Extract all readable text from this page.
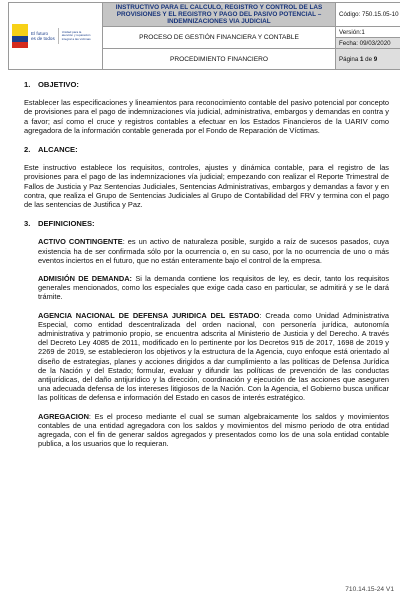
El futuro
es de todos
Unidad para la atención y reparación integral a las víctimas	INSTRUCTIVO PARA EL CALCULO, REGISTRO Y CONTROL DE LAS PROVISIONES Y EL REGISTRO Y PAGO DEL PASIVO POTENCIAL – INDEMNIZACIONES VIA JUDICIAL	Código: 750.15.05-10
	PROCESO DE GESTIÓN FINANCIERA Y CONTABLE	Versión:1
		Fecha: 09/03/2020
	PROCEDIMIENTO FINANCIERO	Página 1 de 9
1. OBJETIVO:

Establecer las especificaciones y lineamientos para reconocimiento contable del pasivo potencial por concepto de provisiones para el pago de indemnizaciones vía judicial, administrativa, embargos y demandas en contra y a favor; así como el cruce y registros contables a efectuar en los Estados Financieros de la UARIV como agregadora de la información contable generada por el Fondo de Reparación de Víctimas.

2. ALCANCE:

Este instructivo establece los requisitos, controles, ajustes y dinámica contable, para el registro de las provisiones para el pago de las indemnizaciones vía judicial; empezando con realizar el Reporte Trimestral de Fallos de Justicia y Paz Sentencias Judiciales, Sentencias Administrativas, embargos y demandas a favor y en contra, que realiza el Grupo de Sentencias Judiciales al Grupo de Contabilidad del FRV y termina con el pago de las sentencias de Justifica y Paz.

3. DEFINICIONES:
ACTIVO CONTINGENTE: es un activo de naturaleza posible, surgido a raíz de sucesos pasados, cuya existencia ha de ser confirmada sólo por la ocurrencia o, en su caso, por la no ocurrencia de uno o más eventos inciertos en el futuro, que no están enteramente bajo el control de la empresa.
ADMISIÓN DE DEMANDA: Si la demanda contiene los requisitos de ley, es decir, tanto los requisitos generales mencionados, como los especiales que exige cada caso en particular, se admitirá y se le dará trámite.
AGENCIA NACIONAL DE DEFENSA JURIDICA DEL ESTADO: Creada como Unidad Administrativa Especial, como entidad descentralizada del orden nacional, con personería jurídica, autonomía administrativa y patrimonio propio, se encuentra adscrita al Ministerio de Justicia y del Derecho. A través del Decreto Ley 4085 de 2011, modificado en lo pertinente por los Decretos 915 de 2017, 1698 de 2019 y 2269 de 2019, se establecieron los objetivos y la estructura de la Agencia, cuyo enfoque está orientado al diseño de estrategias, planes y acciones dirigidos a dar cumplimiento a las políticas de Defensa Jurídica de la Nación y del Estado; formular, evaluar y difundir las políticas de prevención de las conductas antijurídicas, del daño antijurídico y la dirección, coordinación y ejecución de las acciones que aseguren una adecuada defensa de los intereses litigiosos de la Nación. Con la Agencia, el Gobierno busca unificar las políticas de defensa e información del Estado en casos de interés estratégico.
AGREGACION: Es el proceso mediante el cual se suman algebraicamente los saldos y movimientos contables de una entidad agregadora con los saldos y movimientos del mismo periodo de otra entidad agregada, con el fin de generar saldos agregados y presentados como los de una sola entidad contable publica, a los usuarios que lo requieran.
710.14.15-24 V1
